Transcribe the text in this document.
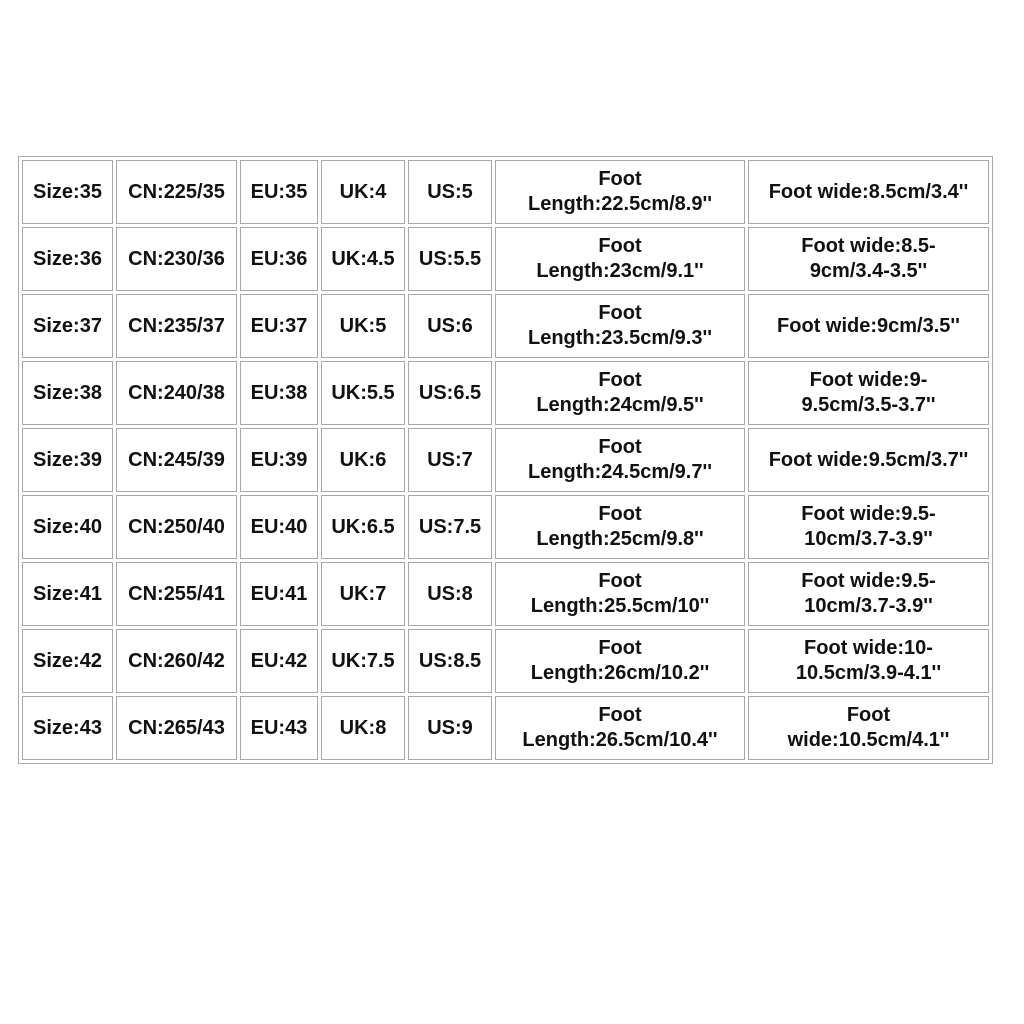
Size:35	CN:225/35	EU:35	UK:4	US:5	Foot
Length:22.5cm/8.9''	Foot wide:8.5cm/3.4''
Size:36	CN:230/36	EU:36	UK:4.5	US:5.5	Foot
Length:23cm/9.1''	Foot wide:8.5-
9cm/3.4-3.5''
Size:37	CN:235/37	EU:37	UK:5	US:6	Foot
Length:23.5cm/9.3''	Foot wide:9cm/3.5''
Size:38	CN:240/38	EU:38	UK:5.5	US:6.5	Foot
Length:24cm/9.5''	Foot wide:9-
9.5cm/3.5-3.7''
Size:39	CN:245/39	EU:39	UK:6	US:7	Foot
Length:24.5cm/9.7''	Foot wide:9.5cm/3.7''
Size:40	CN:250/40	EU:40	UK:6.5	US:7.5	Foot
Length:25cm/9.8''	Foot wide:9.5-
10cm/3.7-3.9''
Size:41	CN:255/41	EU:41	UK:7	US:8	Foot
Length:25.5cm/10''	Foot wide:9.5-
10cm/3.7-3.9''
Size:42	CN:260/42	EU:42	UK:7.5	US:8.5	Foot
Length:26cm/10.2''	Foot wide:10-
10.5cm/3.9-4.1''
Size:43	CN:265/43	EU:43	UK:8	US:9	Foot
Length:26.5cm/10.4''	Foot
wide:10.5cm/4.1''
